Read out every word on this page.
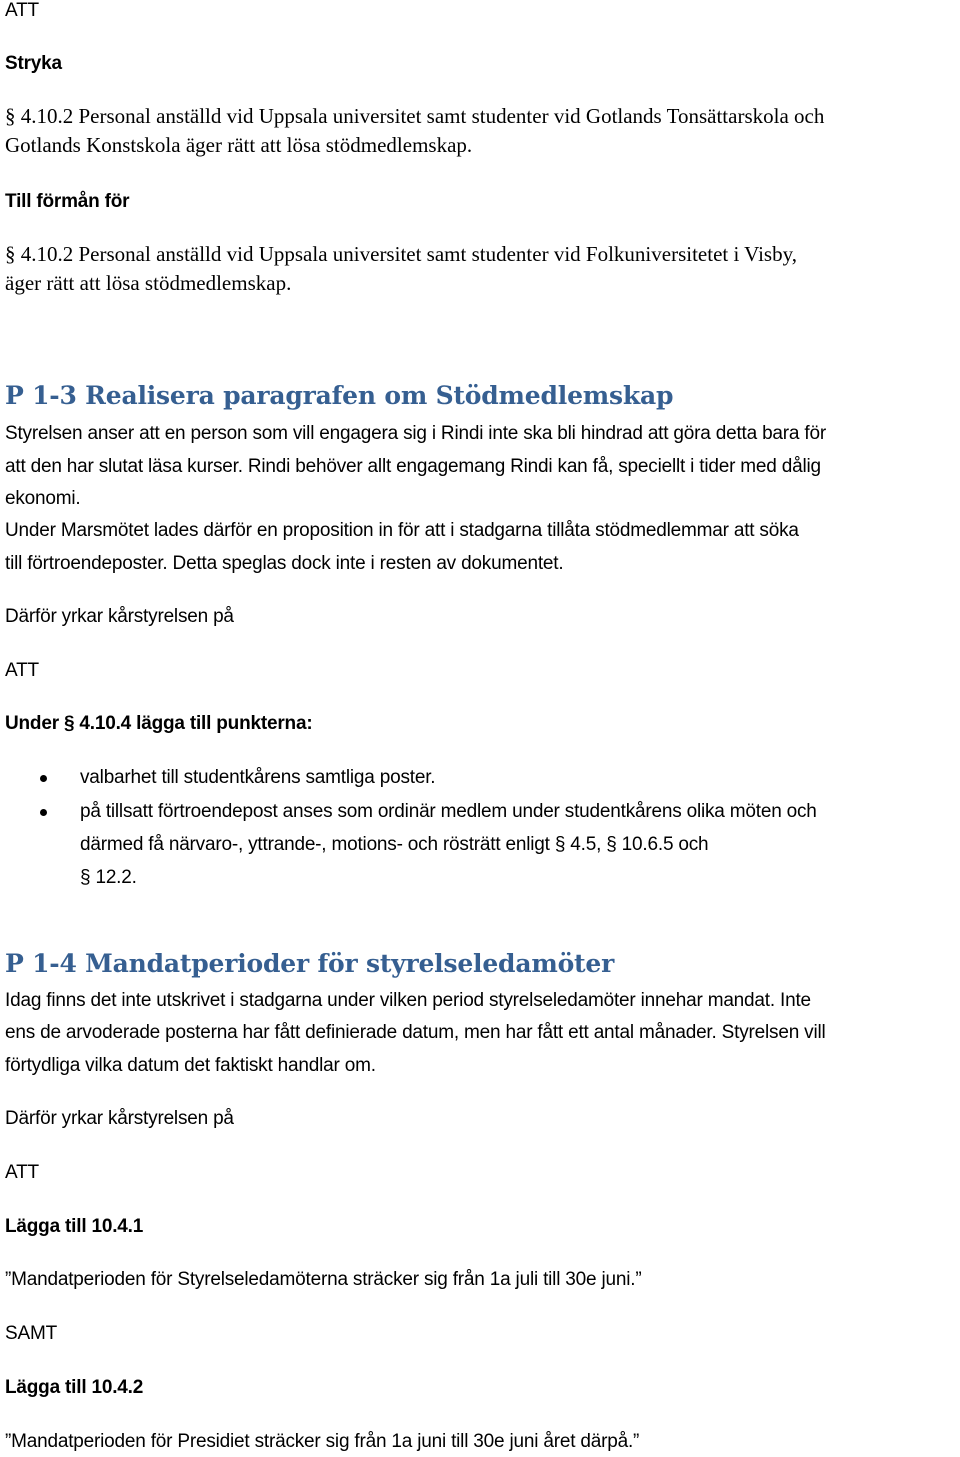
ATT
Stryka
§ 4.10.2 Personal anställd vid Uppsala universitet samt studenter vid Gotlands Tonsättarskola och
Gotlands Konstskola äger rätt att lösa stödmedlemskap.
Till förmån för
§ 4.10.2 Personal anställd vid Uppsala universitet samt studenter vid Folkuniversitetet i Visby,
äger rätt att lösa stödmedlemskap.
P 1-3 Realisera paragrafen om Stödmedlemskap
Styrelsen anser att en person som vill engagera sig i Rindi inte ska bli hindrad att göra detta bara för
att den har slutat läsa kurser. Rindi behöver allt engagemang Rindi kan få, speciellt i tider med dålig
ekonomi.
Under Marsmötet lades därför en proposition in för att i stadgarna tillåta stödmedlemmar att söka
till förtroendeposter. Detta speglas dock inte i resten av dokumentet.
Därför yrkar kårstyrelsen på
ATT
Under § 4.10.4 lägga till punkterna:
valbarhet till studentkårens samtliga poster.
på tillsatt förtroendepost anses som ordinär medlem under studentkårens olika möten och
därmed få närvaro-, yttrande-, motions- och rösträtt enligt § 4.5, § 10.6.5 och
§ 12.2.
P 1-4 Mandatperioder för styrelseledamöter
Idag finns det inte utskrivet i stadgarna under vilken period styrelseledamöter innehar mandat. Inte
ens de arvoderade posterna har fått definierade datum, men har fått ett antal månader. Styrelsen vill
förtydliga vilka datum det faktiskt handlar om.
Därför yrkar kårstyrelsen på
ATT
Lägga till 10.4.1
”Mandatperioden för Styrelseledamöterna sträcker sig från 1a juli till 30e juni.”
SAMT
Lägga till 10.4.2
”Mandatperioden för Presidiet sträcker sig från 1a juni till 30e juni året därpå.”
